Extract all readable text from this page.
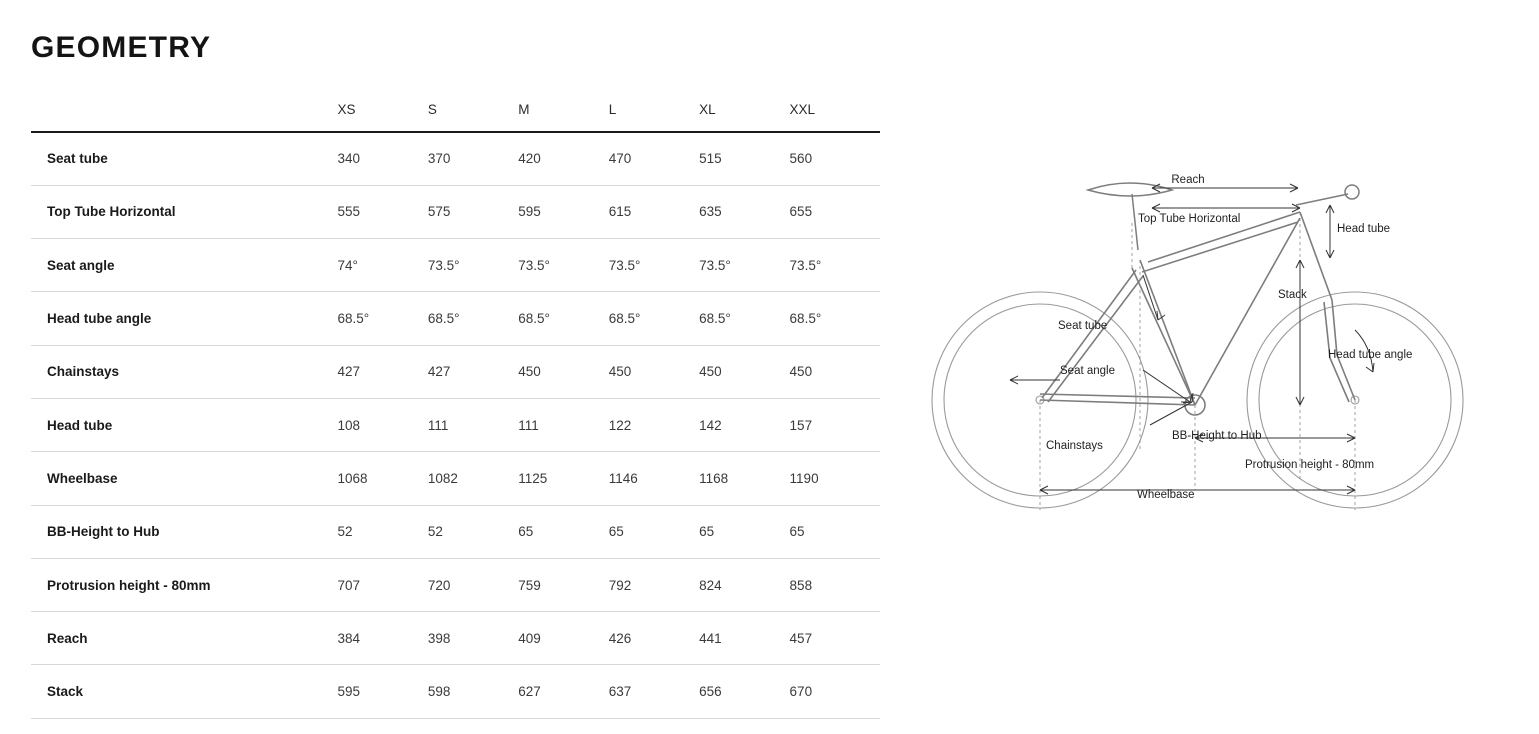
GEOMETRY
	XS	S	M	L	XL	XXL
Seat tube	340	370	420	470	515	560
Top Tube Horizontal	555	575	595	615	635	655
Seat angle	74°	73.5°	73.5°	73.5°	73.5°	73.5°
Head tube angle	68.5°	68.5°	68.5°	68.5°	68.5°	68.5°
Chainstays	427	427	450	450	450	450
Head tube	108	111	111	122	142	157
Wheelbase	1068	1082	1125	1146	1168	1190
BB-Height to Hub	52	52	65	65	65	65
Protrusion height - 80mm	707	720	759	792	824	858
Reach	384	398	409	426	441	457
Stack	595	598	627	637	656	670
Reach
Top Tube Horizontal
Head tube
Stack
Seat tube
Seat angle
Head tube angle
Chainstays
BB-Height to Hub
Protrusion height - 80mm
Wheelbase
